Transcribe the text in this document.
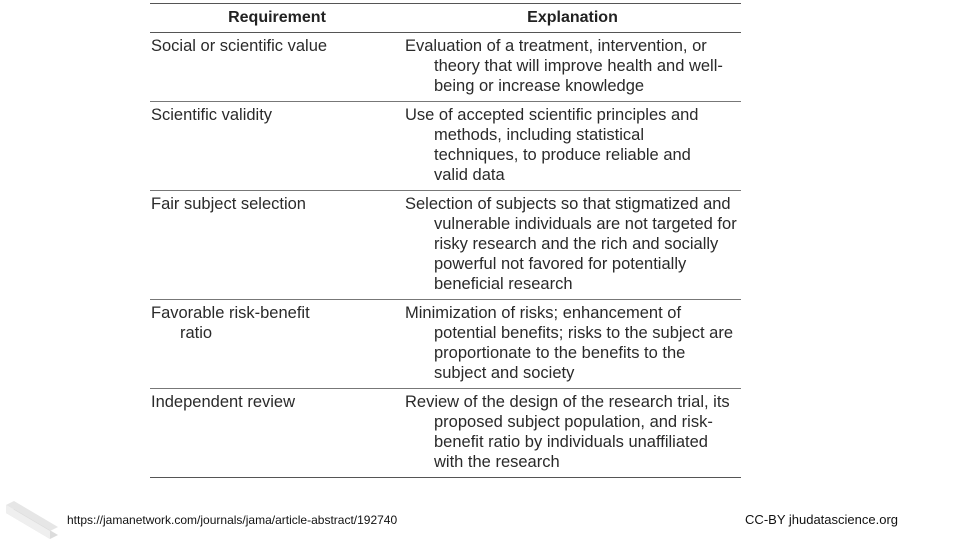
Requirement	Explanation

Social or scientific value	Evaluation of a treatment, intervention, or theory that will improve health and well-being or increase knowledge

Scientific validity	Use of accepted scientific principles and methods, including statistical techniques, to produce reliable and valid data

Fair subject selection	Selection of subjects so that stigmatized and vulnerable individuals are not targeted for risky research and the rich and socially powerful not favored for potentially beneficial research

Favorable risk-benefit ratio	Minimization of risks; enhancement of potential benefits; risks to the subject are proportionate to the benefits to the subject and society

Independent review	Review of the design of the research trial, its proposed subject population, and risk-benefit ratio by individuals unaffiliated with the research
https://jamanetwork.com/journals/jama/article-abstract/192740	CC-BY jhudatascience.org
